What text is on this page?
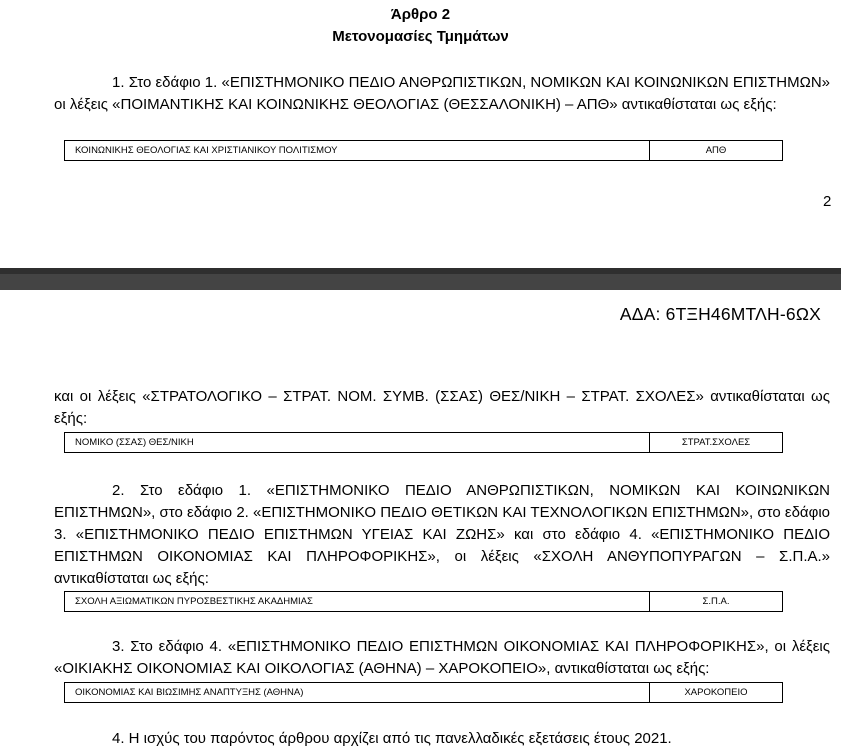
Άρθρο 2
Μετονομασίες Τμημάτων
1. Στο εδάφιο 1. «ΕΠΙΣΤΗΜΟΝΙΚΟ ΠΕΔΙΟ ΑΝΘΡΩΠΙΣΤΙΚΩΝ, ΝΟΜΙΚΩΝ ΚΑΙ ΚΟΙΝΩΝΙΚΩΝ ΕΠΙΣΤΗΜΩΝ» οι λέξεις «ΠΟΙΜΑΝΤΙΚΗΣ ΚΑΙ ΚΟΙΝΩΝΙΚΗΣ ΘΕΟΛΟΓΙΑΣ (ΘΕΣΣΑΛΟΝΙΚΗ) – ΑΠΘ» αντικαθίσταται ως εξής:
ΚΟΙΝΩΝΙΚΗΣ ΘΕΟΛΟΓΙΑΣ ΚΑΙ ΧΡΙΣΤΙΑΝΙΚΟΥ ΠΟΛΙΤΙΣΜΟΥ	ΑΠΘ
2
ΑΔΑ: 6ΤΞΗ46ΜΤΛΗ-6ΩΧ
και οι λέξεις «ΣΤΡΑΤΟΛΟΓΙΚΟ – ΣΤΡΑΤ. ΝΟΜ. ΣΥΜΒ. (ΣΣΑΣ) ΘΕΣ/ΝΙΚΗ – ΣΤΡΑΤ. ΣΧΟΛΕΣ» αντικαθίσταται ως εξής:
ΝΟΜΙΚΟ (ΣΣΑΣ) ΘΕΣ/ΝΙΚΗ	ΣΤΡΑΤ.ΣΧΟΛΕΣ
2. Στο εδάφιο 1. «ΕΠΙΣΤΗΜΟΝΙΚΟ ΠΕΔΙΟ ΑΝΘΡΩΠΙΣΤΙΚΩΝ, ΝΟΜΙΚΩΝ ΚΑΙ ΚΟΙΝΩΝΙΚΩΝ ΕΠΙΣΤΗΜΩΝ», στο εδάφιο 2. «ΕΠΙΣΤΗΜΟΝΙΚΟ ΠΕΔΙΟ ΘΕΤΙΚΩΝ ΚΑΙ ΤΕΧΝΟΛΟΓΙΚΩΝ ΕΠΙΣΤΗΜΩΝ», στο εδάφιο 3. «ΕΠΙΣΤΗΜΟΝΙΚΟ ΠΕΔΙΟ ΕΠΙΣΤΗΜΩΝ ΥΓΕΙΑΣ ΚΑΙ ΖΩΗΣ» και στο εδάφιο 4. «ΕΠΙΣΤΗΜΟΝΙΚΟ ΠΕΔΙΟ ΕΠΙΣΤΗΜΩΝ ΟΙΚΟΝΟΜΙΑΣ ΚΑΙ ΠΛΗΡΟΦΟΡΙΚΗΣ», οι λέξεις «ΣΧΟΛΗ ΑΝΘΥΠΟΠΥΡΑΓΩΝ – Σ.Π.Α.» αντικαθίσταται ως εξής:
ΣΧΟΛΗ ΑΞΙΩΜΑΤΙΚΩΝ ΠΥΡΟΣΒΕΣΤΙΚΗΣ ΑΚΑΔΗΜΙΑΣ	Σ.Π.Α.
3. Στο εδάφιο 4. «ΕΠΙΣΤΗΜΟΝΙΚΟ ΠΕΔΙΟ ΕΠΙΣΤΗΜΩΝ ΟΙΚΟΝΟΜΙΑΣ ΚΑΙ ΠΛΗΡΟΦΟΡΙΚΗΣ», οι λέξεις «ΟΙΚΙΑΚΗΣ ΟΙΚΟΝΟΜΙΑΣ ΚΑΙ ΟΙΚΟΛΟΓΙΑΣ (ΑΘΗΝΑ) – ΧΑΡΟΚΟΠΕΙΟ», αντικαθίσταται ως εξής:
ΟΙΚΟΝΟΜΙΑΣ ΚΑΙ ΒΙΩΣΙΜΗΣ ΑΝΑΠΤΥΞΗΣ (ΑΘΗΝΑ)	ΧΑΡΟΚΟΠΕΙΟ
4. Η ισχύς του παρόντος άρθρου αρχίζει από τις πανελλαδικές εξετάσεις έτους 2021.
